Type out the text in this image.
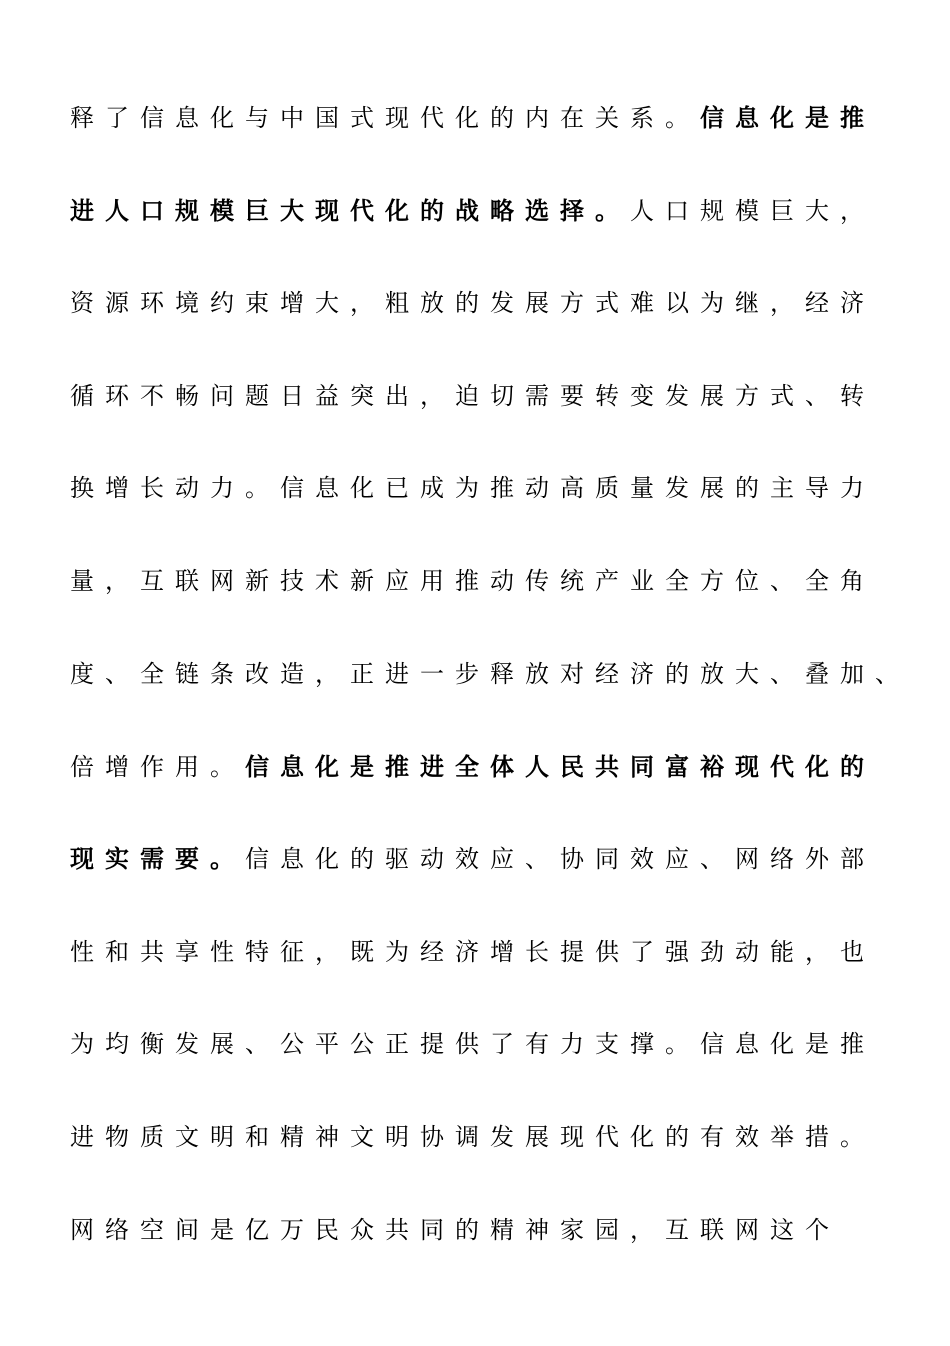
释了信息化与中国式现代化的内在关系。信息化是推
进人口规模巨大现代化的战略选择。人口规模巨大，
资源环境约束增大，粗放的发展方式难以为继，经济
循环不畅问题日益突出，迫切需要转变发展方式、转
换增长动力。信息化已成为推动高质量发展的主导力
量，互联网新技术新应用推动传统产业全方位、全角
度、全链条改造，正进一步释放对经济的放大、叠加、
倍增作用。信息化是推进全体人民共同富裕现代化的
现实需要。信息化的驱动效应、协同效应、网络外部
性和共享性特征，既为经济增长提供了强劲动能，也
为均衡发展、公平公正提供了有力支撑。信息化是推
进物质文明和精神文明协调发展现代化的有效举措。
网络空间是亿万民众共同的精神家园，互联网这个
